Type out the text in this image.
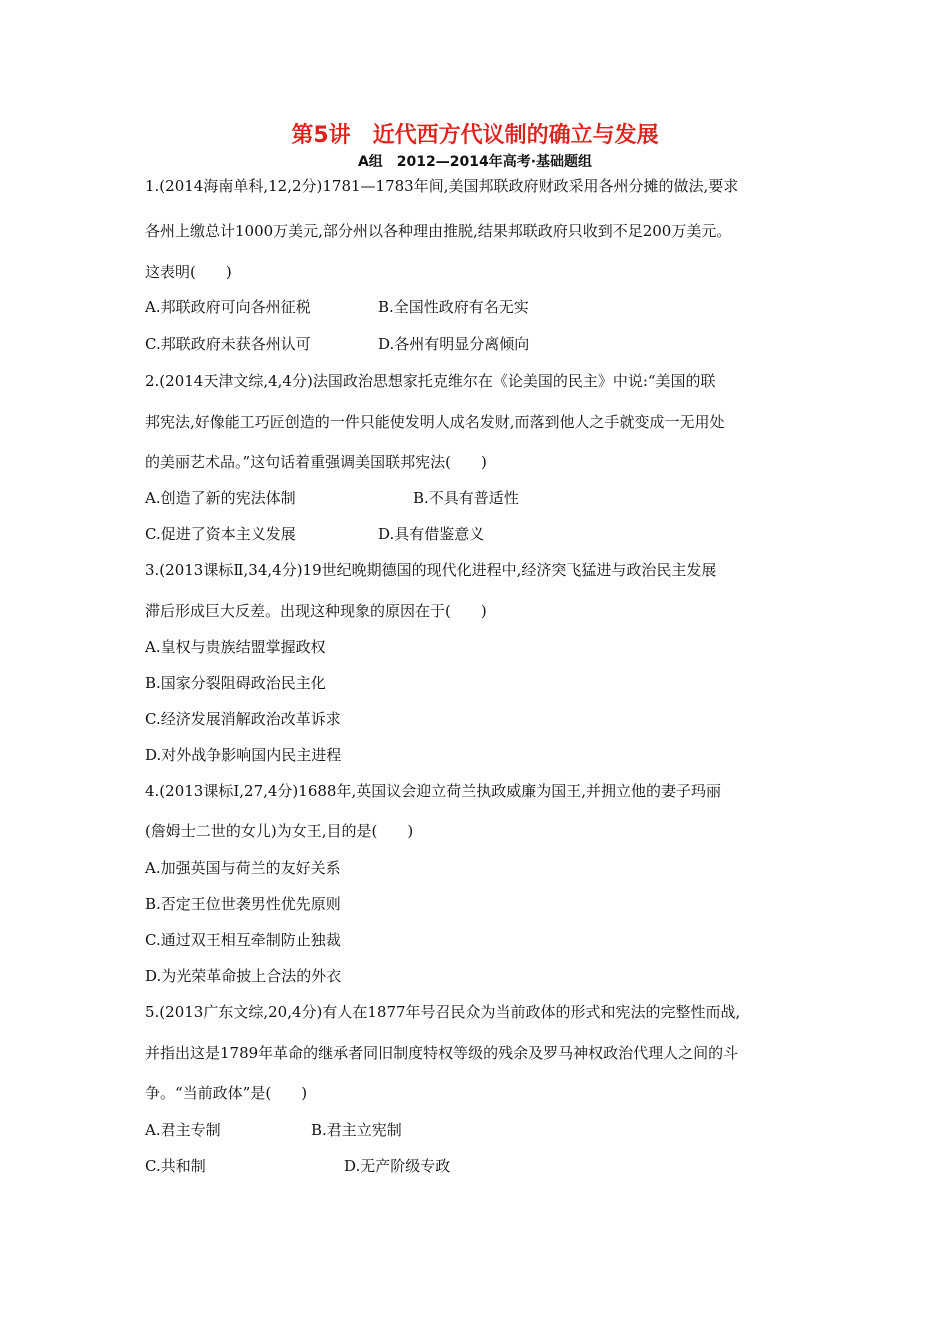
第5讲　近代西方代议制的确立与发展
A组　2012—2014年高考·基础题组
1.(2014海南单科,12,2分)1781—1783年间,美国邦联政府财政采用各州分摊的做法,要求
各州上缴总计1000万美元,部分州以各种理由推脱,结果邦联政府只收到不足200万美元。
这表明(　　)
A.邦联政府可向各州征税	B.全国性政府有名无实
C.邦联政府未获各州认可	D.各州有明显分离倾向
2.(2014天津文综,4,4分)法国政治思想家托克维尔在《论美国的民主》中说:“美国的联
邦宪法,好像能工巧匠创造的一件只能使发明人成名发财,而落到他人之手就变成一无用处
的美丽艺术品。”这句话着重强调美国联邦宪法(　　)
A.创造了新的宪法体制	B.不具有普适性
C.促进了资本主义发展	D.具有借鉴意义
3.(2013课标Ⅱ,34,4分)19世纪晚期德国的现代化进程中,经济突飞猛进与政治民主发展
滞后形成巨大反差。出现这种现象的原因在于(　　)
A.皇权与贵族结盟掌握政权
B.国家分裂阻碍政治民主化
C.经济发展消解政治改革诉求
D.对外战争影响国内民主进程
4.(2013课标Ⅰ,27,4分)1688年,英国议会迎立荷兰执政威廉为国王,并拥立他的妻子玛丽
(詹姆士二世的女儿)为女王,目的是(　　)
A.加强英国与荷兰的友好关系
B.否定王位世袭男性优先原则
C.通过双王相互牵制防止独裁
D.为光荣革命披上合法的外衣
5.(2013广东文综,20,4分)有人在1877年号召民众为当前政体的形式和宪法的完整性而战,
并指出这是1789年革命的继承者同旧制度特权等级的残余及罗马神权政治代理人之间的斗
争。“当前政体”是(　　)
A.君主专制	B.君主立宪制
C.共和制	D.无产阶级专政
